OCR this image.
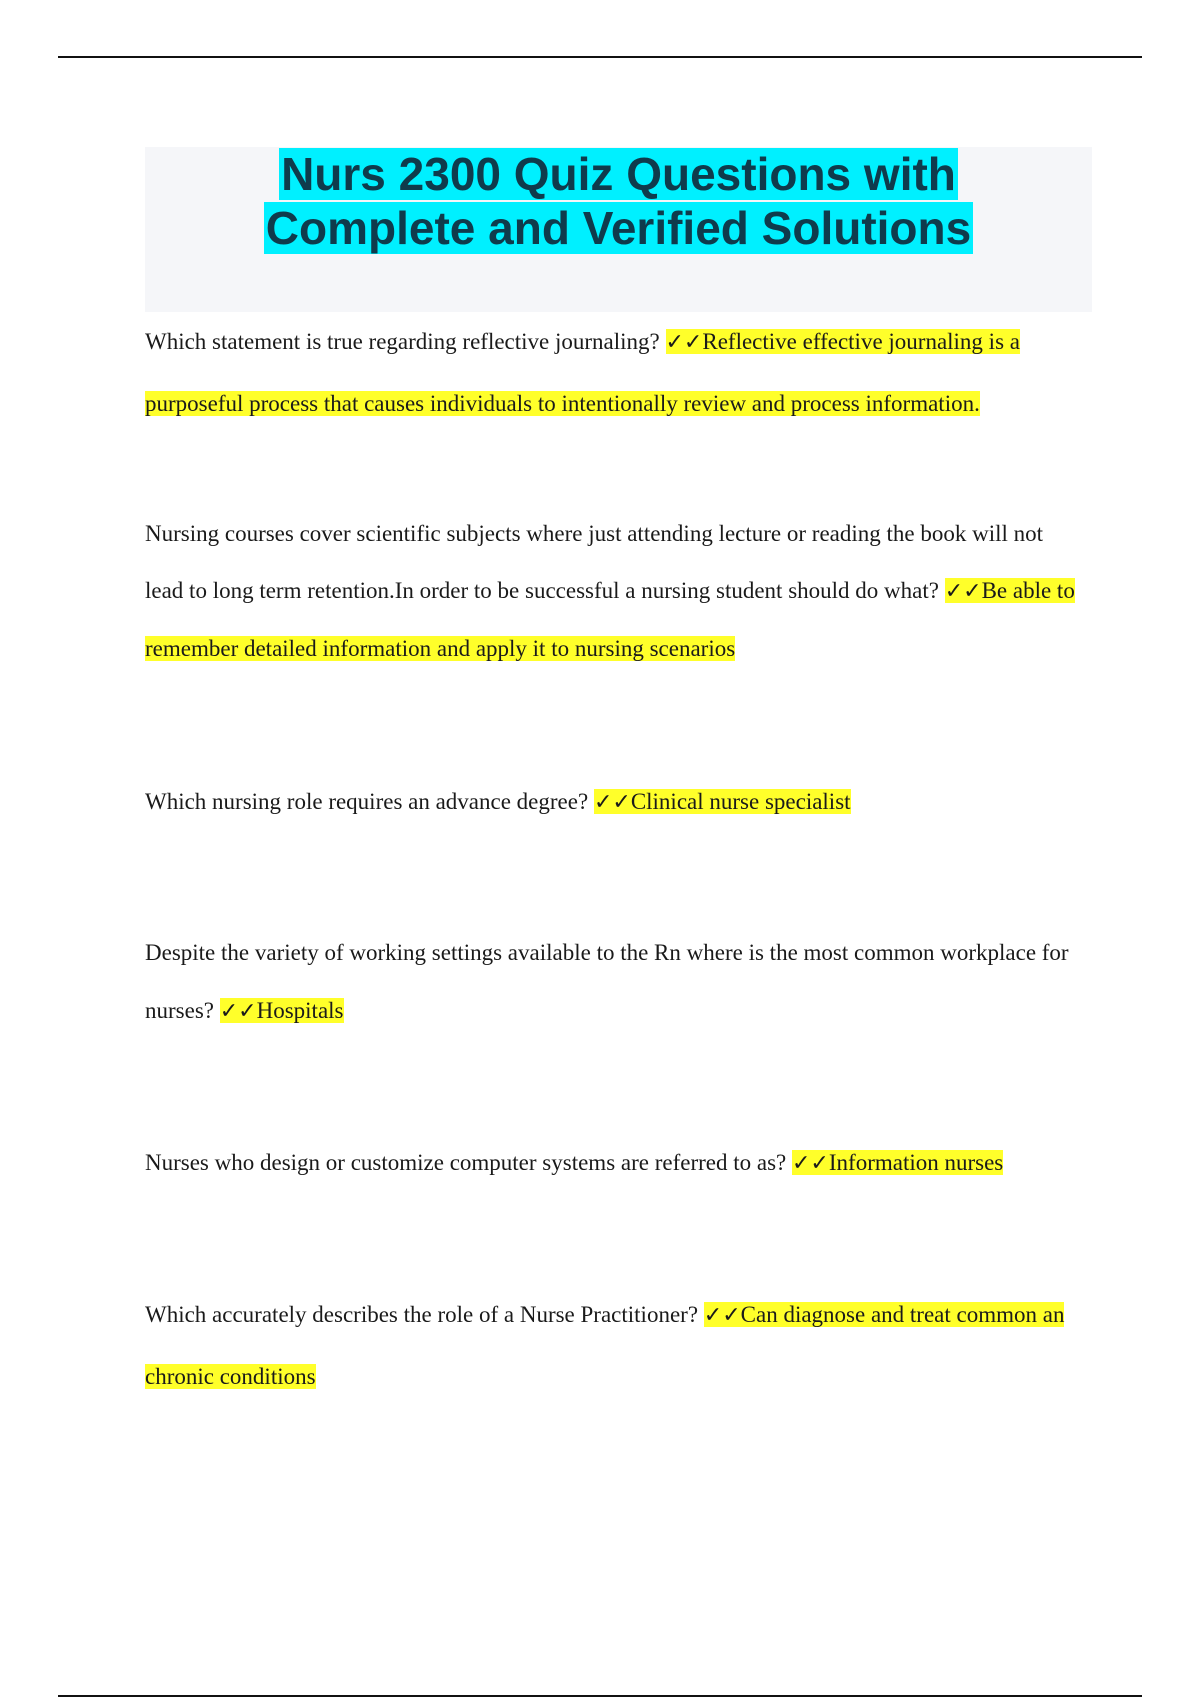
Nurs 2300 Quiz Questions with
Complete and Verified Solutions

Which statement is true regarding reflective journaling? ✓✓Reflective effective journaling is a purposeful process that causes individuals to intentionally review and process information.

Nursing courses cover scientific subjects where just attending lecture or reading the book will not lead to long term retention.In order to be successful a nursing student should do what? ✓✓Be able to remember detailed information and apply it to nursing scenarios

Which nursing role requires an advance degree? ✓✓Clinical nurse specialist

Despite the variety of working settings available to the Rn where is the most common workplace for nurses? ✓✓Hospitals

Nurses who design or customize computer systems are referred to as? ✓✓Information nurses

Which accurately describes the role of a Nurse Practitioner? ✓✓Can diagnose and treat common an chronic conditions
